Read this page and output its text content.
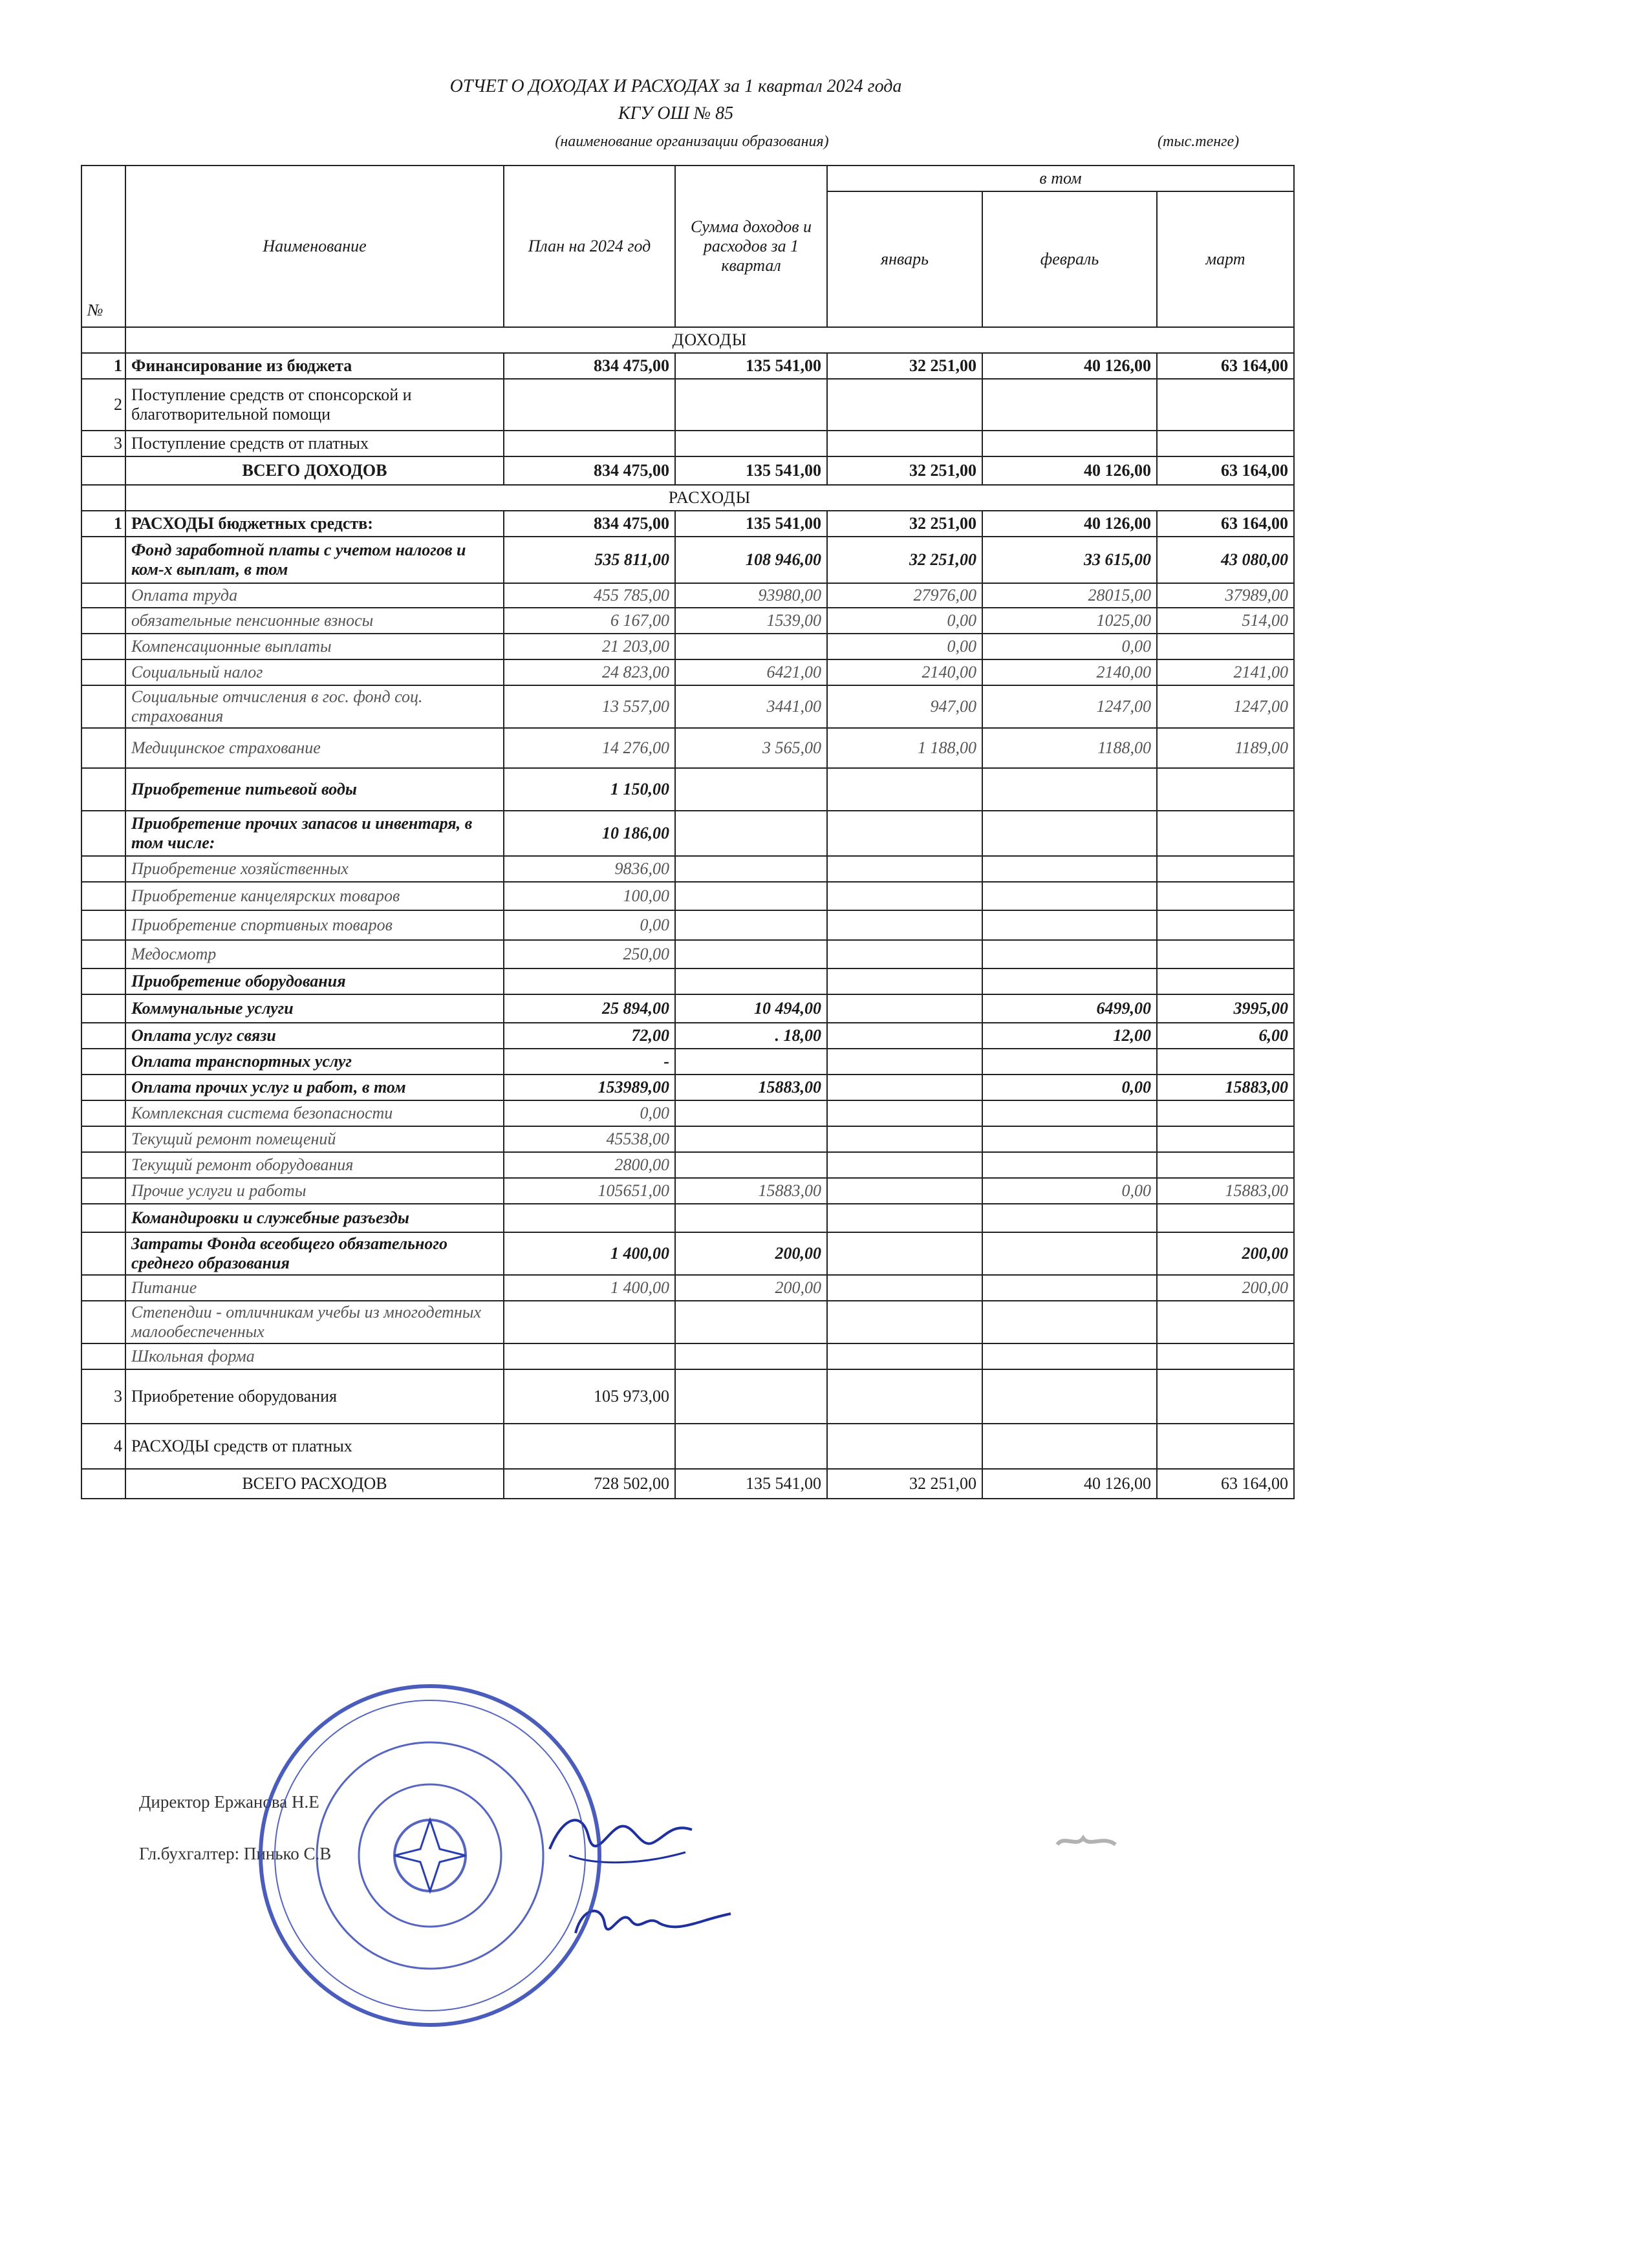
ОТЧЕТ О ДОХОДАХ И РАСХОДАХ за 1 квартал 2024 года
КГУ ОШ № 85
(наименование организации образования)	(тыс.тенге)
№	Наименование	План на 2024 год	Сумма доходов и расходов за 1 квартал	в том		
				январь	февраль	март
	ДОХОДЫ					
1	Финансирование из бюджета	834 475,00	135 541,00	32 251,00	40 126,00	63 164,00
2	Поступление средств от спонсорской и благотворительной помощи					
3	Поступление средств от платных					
	ВСЕГО ДОХОДОВ	834 475,00	135 541,00	32 251,00	40 126,00	63 164,00
	РАСХОДЫ					
1	РАСХОДЫ бюджетных средств:	834 475,00	135 541,00	32 251,00	40 126,00	63 164,00
	Фонд заработной платы с учетом налогов и ком-х выплат, в том	535 811,00	108 946,00	32 251,00	33 615,00	43 080,00
	Оплата труда	455 785,00	93980,00	27976,00	28015,00	37989,00
	обязательные пенсионные взносы	6 167,00	1539,00	0,00	1025,00	514,00
	Компенсационные выплаты	21 203,00		0,00	0,00	
	Социальный налог	24 823,00	6421,00	2140,00	2140,00	2141,00
	Социальные отчисления в гос. фонд соц. страхования	13 557,00	3441,00	947,00	1247,00	1247,00
	Медицинское страхование	14 276,00	3 565,00	1 188,00	1188,00	1189,00
	Приобретение питьевой воды	1 150,00				
	Приобретение прочих запасов и инвентаря, в том числе:	10 186,00				
	Приобретение хозяйственных	9836,00				
	Приобретение канцелярских товаров	100,00				
	Приобретение спортивных товаров	0,00				
	Медосмотр	250,00				
	Приобретение оборудования					
	Коммунальные услуги	25 894,00	10 494,00		6499,00	3995,00
	Оплата услуг связи	72,00	. 18,00		12,00	6,00
	Оплата транспортных услуг	-				
	Оплата прочих услуг и работ, в том	153989,00	15883,00		0,00	15883,00
	Комплексная система безопасности	0,00				
	Текущий ремонт помещений	45538,00				
	Текущий ремонт оборудования	2800,00				
	Прочие услуги и работы	105651,00	15883,00		0,00	15883,00
	Командировки и служебные разъезды					
	Затраты Фонда всеобщего обязательного среднего образования	1 400,00	200,00			200,00
	Питание	1 400,00	200,00			200,00
	Степендии - отличникам учебы из многодетных малообеспеченных					
	Школьная форма					
3	Приобретение оборудования	105 973,00				
4	РАСХОДЫ средств от платных					
	ВСЕГО РАСХОДОВ	728 502,00	135 541,00	32 251,00	40 126,00	63 164,00
Директор Ержанова Н.Е
Гл.бухгалтер: Пинько С.В
